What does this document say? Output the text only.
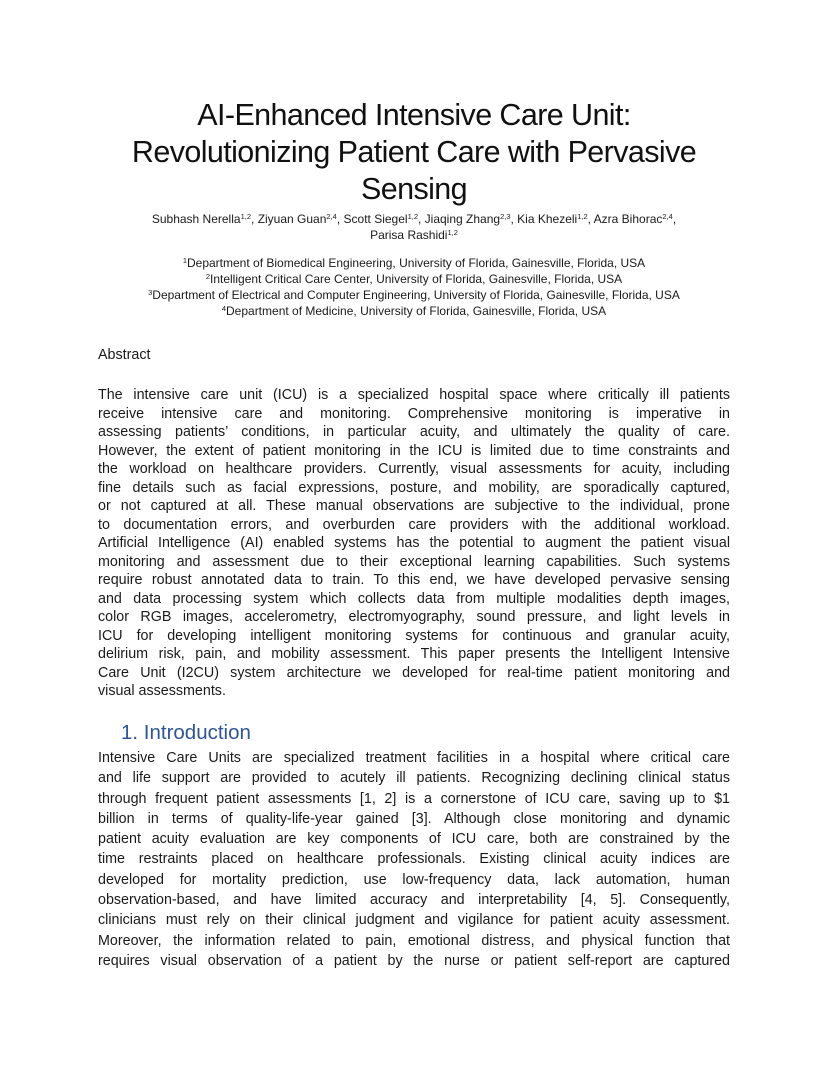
AI-Enhanced Intensive Care Unit:
Revolutionizing Patient Care with Pervasive
Sensing
Subhash Nerella$^{1,2}$, Ziyuan Guan$^{2,4}$, Scott Siegel$^{1,2}$, Jiaqing Zhang$^{2,3}$, Kia Khezeli$^{1,2}$, Azra Bihorac$^{2,4}$,
Parisa Rashidi$^{1,2}$
$^1$Department of Biomedical Engineering, University of Florida, Gainesville, Florida, USA
$^2$Intelligent Critical Care Center, University of Florida, Gainesville, Florida, USA
$^3$Department of Electrical and Computer Engineering, University of Florida, Gainesville, Florida, USA
$^4$Department of Medicine, University of Florida, Gainesville, Florida, USA
Abstract
The intensive care unit (ICU) is a specialized hospital space where critically ill patients
receive intensive care and monitoring. Comprehensive monitoring is imperative in
assessing patients’ conditions, in particular acuity, and ultimately the quality of care.
However, the extent of patient monitoring in the ICU is limited due to time constraints and
the workload on healthcare providers. Currently, visual assessments for acuity, including
fine details such as facial expressions, posture, and mobility, are sporadically captured,
or not captured at all. These manual observations are subjective to the individual, prone
to documentation errors, and overburden care providers with the additional workload.
Artificial Intelligence (AI) enabled systems has the potential to augment the patient visual
monitoring and assessment due to their exceptional learning capabilities. Such systems
require robust annotated data to train. To this end, we have developed pervasive sensing
and data processing system which collects data from multiple modalities depth images,
color RGB images, accelerometry, electromyography, sound pressure, and light levels in
ICU for developing intelligent monitoring systems for continuous and granular acuity,
delirium risk, pain, and mobility assessment. This paper presents the Intelligent Intensive
Care Unit (I2CU) system architecture we developed for real-time patient monitoring and
visual assessments.
1. Introduction
Intensive Care Units are specialized treatment facilities in a hospital where critical care
and life support are provided to acutely ill patients. Recognizing declining clinical status
through frequent patient assessments [1, 2] is a cornerstone of ICU care, saving up to $1
billion in terms of quality-life-year gained [3]. Although close monitoring and dynamic
patient acuity evaluation are key components of ICU care, both are constrained by the
time restraints placed on healthcare professionals. Existing clinical acuity indices are
developed for mortality prediction, use low-frequency data, lack automation, human
observation-based, and have limited accuracy and interpretability [4, 5]. Consequently,
clinicians must rely on their clinical judgment and vigilance for patient acuity assessment.
Moreover, the information related to pain, emotional distress, and physical function that
requires visual observation of a patient by the nurse or patient self-report are captured
